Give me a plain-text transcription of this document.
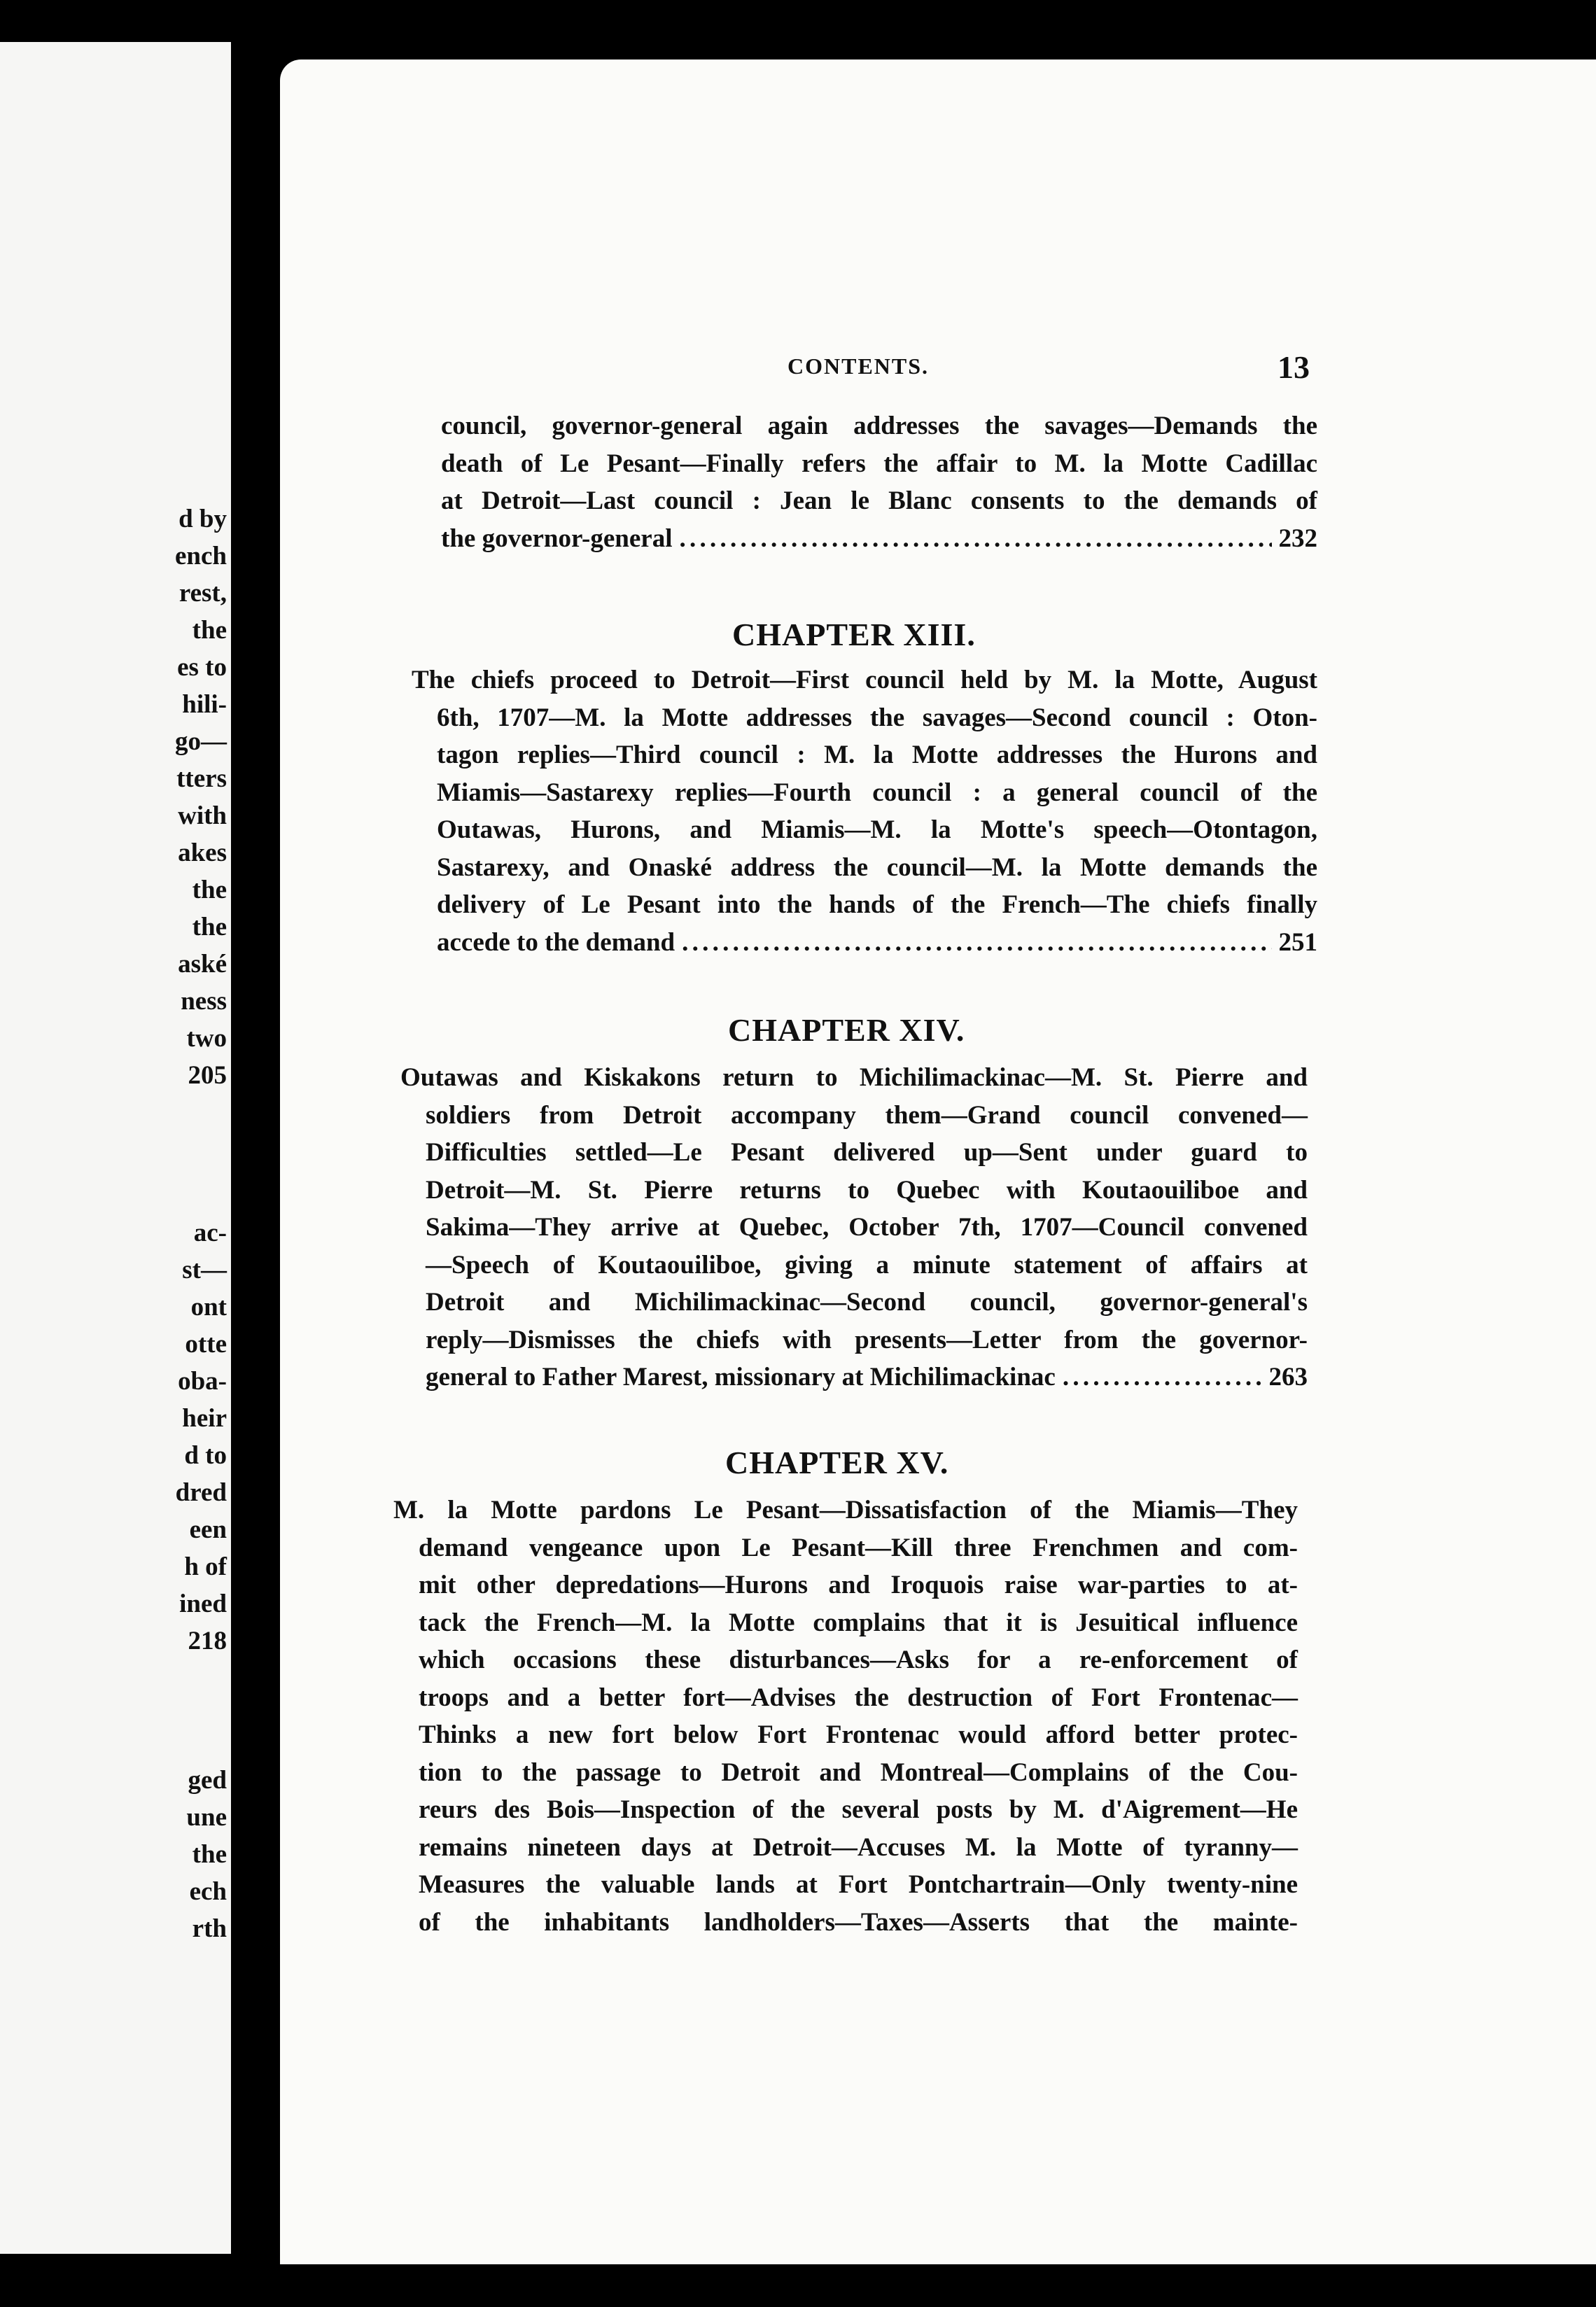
d by
ench
rest,
the
es to
hili-
go—
tters
with
akes
the
the
aské
ness
two
205
ac-
st—
ont
otte
oba-
heir
d to
dred
een
h of
ined
218
ged
une
the
ech
rth
CONTENTS.	13
council, governor-general again addresses the savages—Demands the
death of Le Pesant—Finally refers the affair to M. la Motte Cadillac
at Detroit—Last council : Jean le Blanc consents to the demands of
the governor-general . . .	232
CHAPTER XIII.
The chiefs proceed to Detroit—First council held by M. la Motte, August
6th, 1707—M. la Motte addresses the savages—Second council : Oton-
tagon replies—Third council : M. la Motte addresses the Hurons and
Miamis—Sastarexy replies—Fourth council : a general council of the
Outawas, Hurons, and Miamis—M. la Motte's speech—Otontagon,
Sastarexy, and Onaské address the council—M. la Motte demands the
delivery of Le Pesant into the hands of the French—The chiefs finally
accede to the demand . . .	251
CHAPTER XIV.
Outawas and Kiskakons return to Michilimackinac—M. St. Pierre and
soldiers from Detroit accompany them—Grand council convened—
Difficulties settled—Le Pesant delivered up—Sent under guard to
Detroit—M. St. Pierre returns to Quebec with Koutaouiliboe and
Sakima—They arrive at Quebec, October 7th, 1707—Council convened
—Speech of Koutaouiliboe, giving a minute statement of affairs at
Detroit and Michilimackinac—Second council, governor-general's
reply—Dismisses the chiefs with presents—Letter from the governor-
general to Father Marest, missionary at Michilimackinac . . .	263
CHAPTER XV.
M. la Motte pardons Le Pesant—Dissatisfaction of the Miamis—They
demand vengeance upon Le Pesant—Kill three Frenchmen and com-
mit other depredations—Hurons and Iroquois raise war-parties to at-
tack the French—M. la Motte complains that it is Jesuitical influence
which occasions these disturbances—Asks for a re-enforcement of
troops and a better fort—Advises the destruction of Fort Frontenac—
Thinks a new fort below Fort Frontenac would afford better protec-
tion to the passage to Detroit and Montreal—Complains of the Cou-
reurs des Bois—Inspection of the several posts by M. d'Aigrement—He
remains nineteen days at Detroit—Accuses M. la Motte of tyranny—
Measures the valuable lands at Fort Pontchartrain—Only twenty-nine
of the inhabitants landholders—Taxes—Asserts that the mainte-
